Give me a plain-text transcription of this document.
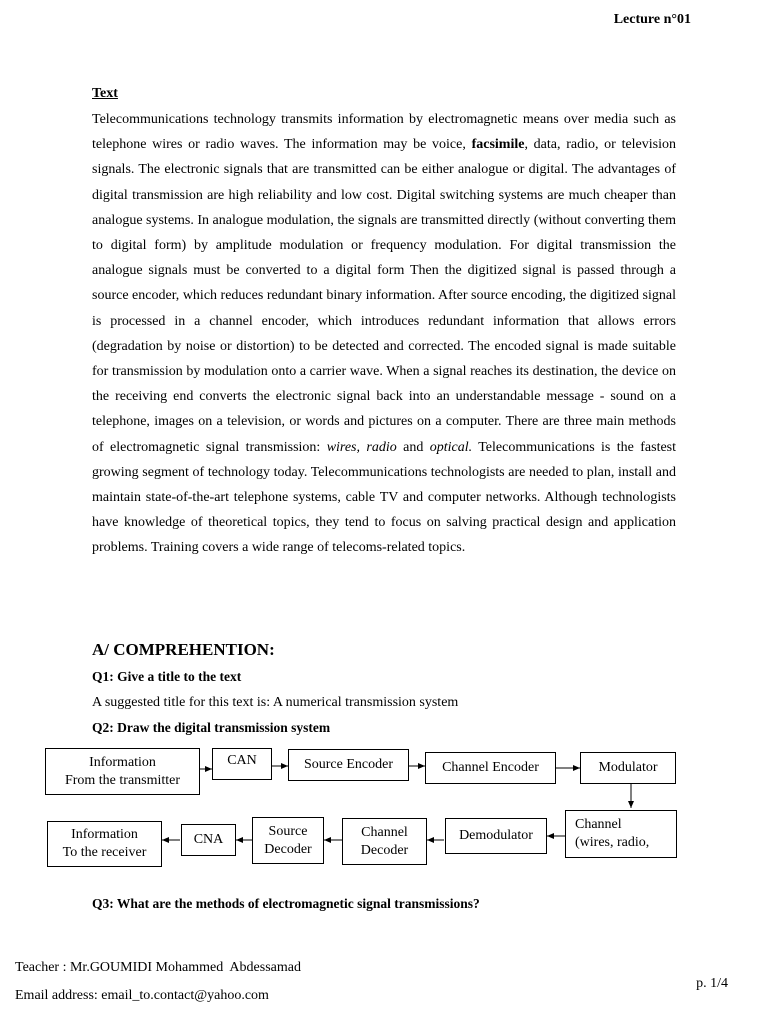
Lecture n°01
Text

Telecommunications technology transmits information by electromagnetic means over media such as telephone wires or radio waves. The information may be voice, facsimile, data, radio, or television signals. The electronic signals that are transmitted can be either analogue or digital. The advantages of digital transmission are high reliability and low cost. Digital switching systems are much cheaper than analogue systems. In analogue modulation, the signals are transmitted directly (without converting them to digital form) by amplitude modulation or frequency modulation. For digital transmission the analogue signals must be converted to a digital form Then the digitized signal is passed through a source encoder, which reduces redundant binary information. After source encoding, the digitized signal is processed in a channel encoder, which introduces redundant information that allows errors (degradation by noise or distortion) to be detected and corrected. The encoded signal is made suitable for transmission by modulation onto a carrier wave. When a signal reaches its destination, the device on the receiving end converts the electronic signal back into an understandable message - sound on a telephone, images on a television, or words and pictures on a computer. There are three main methods of electromagnetic signal transmission: wires, radio and optical. Telecommunications is the fastest growing segment of technology today. Telecommunications technologists are needed to plan, install and maintain state-of-the-art telephone systems, cable TV and computer networks. Although technologists have knowledge of theoretical topics, they tend to focus on salving practical design and application problems. Training covers a wide range of telecoms-related topics.

A/ COMPREHENTION:
Q1: Give a title to the text
A suggested title for this text is: A numerical transmission system
Q2: Draw the digital transmission system
Information
From the transmitter
CAN	Source Encoder	Channel Encoder	Modulator
Channel
(wires, radio,
Demodulator
Channel
Decoder
Source
Decoder
CNA
Information
To the receiver
Q3: What are the methods of electromagnetic signal transmissions?
Teacher : Mr.GOUMIDI Mohammed  Abdessamad
Email address: email_to.contact@yahoo.com
p. 1/4
